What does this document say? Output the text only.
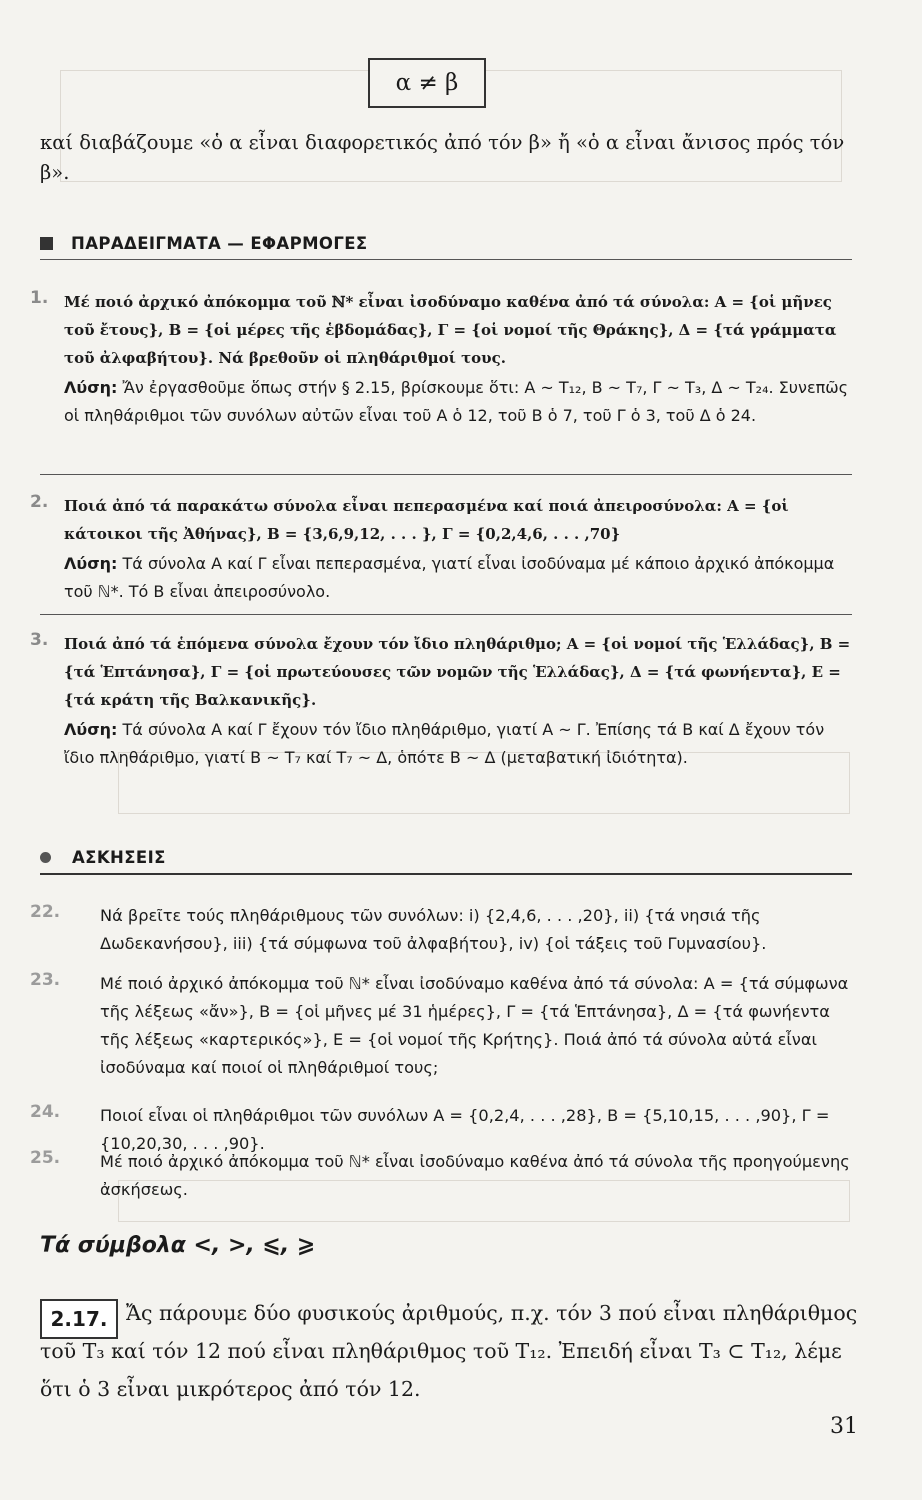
α ≠ β
καί διαβάζουμε «ὁ α εἶναι διαφορετικός ἀπό τόν β» ἤ «ὁ α εἶναι ἄνισος πρός τόν β».
ΠΑΡΑΔΕΙΓΜΑΤΑ — ΕΦΑΡΜΟΓΕΣ
1.	Μέ ποιό ἀρχικό ἀπόκομμα τοῦ ℕ* εἶναι ἰσοδύναμο καθένα ἀπό τά σύνολα: Α = {οἱ μῆνες τοῦ ἔτους}, Β = {οἱ μέρες τῆς ἑβδομάδας}, Γ = {οἱ νομοί τῆς Θράκης}, Δ = {τά γράμματα τοῦ ἀλφαβήτου}. Νά βρεθοῦν οἱ πληθάριθμοί τους.
Λύση: Ἄν ἐργασθοῦμε ὅπως στήν § 2.15, βρίσκουμε ὅτι: Α ~ Τ₁₂, Β ~ Τ₇, Γ ~ Τ₃, Δ ~ Τ₂₄. Συνεπῶς οἱ πληθάριθμοι τῶν συνόλων αὐτῶν εἶναι τοῦ Α ὁ 12, τοῦ Β ὁ 7, τοῦ Γ ὁ 3, τοῦ Δ ὁ 24.
2.	Ποιά ἀπό τά παρακάτω σύνολα εἶναι πεπερασμένα καί ποιά ἀπειροσύνολα: Α = {οἱ κάτοικοι τῆς Ἀθήνας}, Β = {3,6,9,12, . . . }, Γ = {0,2,4,6, . . . ,70}
Λύση: Τά σύνολα Α καί Γ εἶναι πεπερασμένα, γιατί εἶναι ἰσοδύναμα μέ κάποιο ἀρχικό ἀπόκομμα τοῦ ℕ*. Τό Β εἶναι ἀπειροσύνολο.
3.	Ποιά ἀπό τά ἑπόμενα σύνολα ἔχουν τόν ἴδιο πληθάριθμο; Α = {οἱ νομοί τῆς Ἑλλάδας}, Β = {τά Ἑπτάνησα}, Γ = {οἱ πρωτεύουσες τῶν νομῶν τῆς Ἑλλάδας}, Δ = {τά φωνήεντα}, Ε = {τά κράτη τῆς Βαλκανικῆς}.
Λύση: Τά σύνολα Α καί Γ ἔχουν τόν ἴδιο πληθάριθμο, γιατί Α ~ Γ. Ἐπίσης τά Β καί Δ ἔχουν τόν ἴδιο πληθάριθμο, γιατί Β ~ Τ₇ καί Τ₇ ~ Δ, ὁπότε Β ~ Δ (μεταβατική ἰδιότητα).
ΑΣΚΗΣΕΙΣ
22. Νά βρεῖτε τούς πληθάριθμους τῶν συνόλων: i) {2,4,6, . . . ,20}, ii) {τά νησιά τῆς Δωδεκανήσου}, iii) {τά σύμφωνα τοῦ ἀλφαβήτου}, iv) {οἱ τάξεις τοῦ Γυμνασίου}.
23. Μέ ποιό ἀρχικό ἀπόκομμα τοῦ ℕ* εἶναι ἰσοδύναμο καθένα ἀπό τά σύνολα: Α = {τά σύμφωνα τῆς λέξεως «ἄν»}, Β = {οἱ μῆνες μέ 31 ἡμέρες}, Γ = {τά Ἑπτάνησα}, Δ = {τά φωνήεντα τῆς λέξεως «καρτερικός»}, Ε = {οἱ νομοί τῆς Κρήτης}. Ποιά ἀπό τά σύνολα αὐτά εἶναι ἰσοδύναμα καί ποιοί οἱ πληθάριθμοί τους;
24. Ποιοί εἶναι οἱ πληθάριθμοι τῶν συνόλων Α = {0,2,4, . . . ,28}, Β = {5,10,15, . . . ,90}, Γ = {10,20,30, . . . ,90}.
25. Μέ ποιό ἀρχικό ἀπόκομμα τοῦ ℕ* εἶναι ἰσοδύναμο καθένα ἀπό τά σύνολα τῆς προηγούμενης ἀσκήσεως.
Τά σύμβολα <, >, ⩽, ⩾
Ἄς πάρουμε δύο φυσικούς ἀριθμούς, π.χ. τόν 3 πού εἶναι πληθάριθμος τοῦ Τ₃ καί τόν 12 πού εἶναι πληθάριθμος τοῦ Τ₁₂. Ἐπειδή εἶναι Τ₃ ⊂ Τ₁₂, λέμε ὅτι ὁ 3 εἶναι μικρότερος ἀπό τόν 12.
2.17.
31
